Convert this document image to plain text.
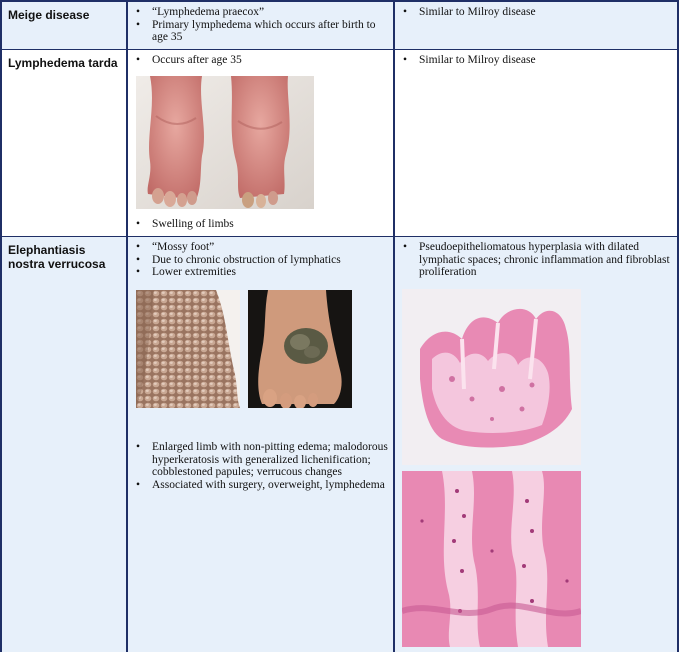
Meige disease	• “Lymphedema praecox”
• Primary lymphedema which occurs after birth to age 35
• Similar to Milroy disease
Lymphedema tarda	• Occurs after age 35
• Swelling of limbs
• Similar to Milroy disease
Elephantiasis nostra verrucosa
• “Mossy foot”
• Due to chronic obstruction of lymphatics
• Lower extremities
• Enlarged limb with non-pitting edema; malodorous hyperkeratosis with generalized lichenification; cobblestoned papules; verrucous changes
• Associated with surgery, overweight, lymphedema
• Pseudoepitheliomatous hyperplasia with dilated lymphatic spaces; chronic inflammation and fibroblast proliferation
